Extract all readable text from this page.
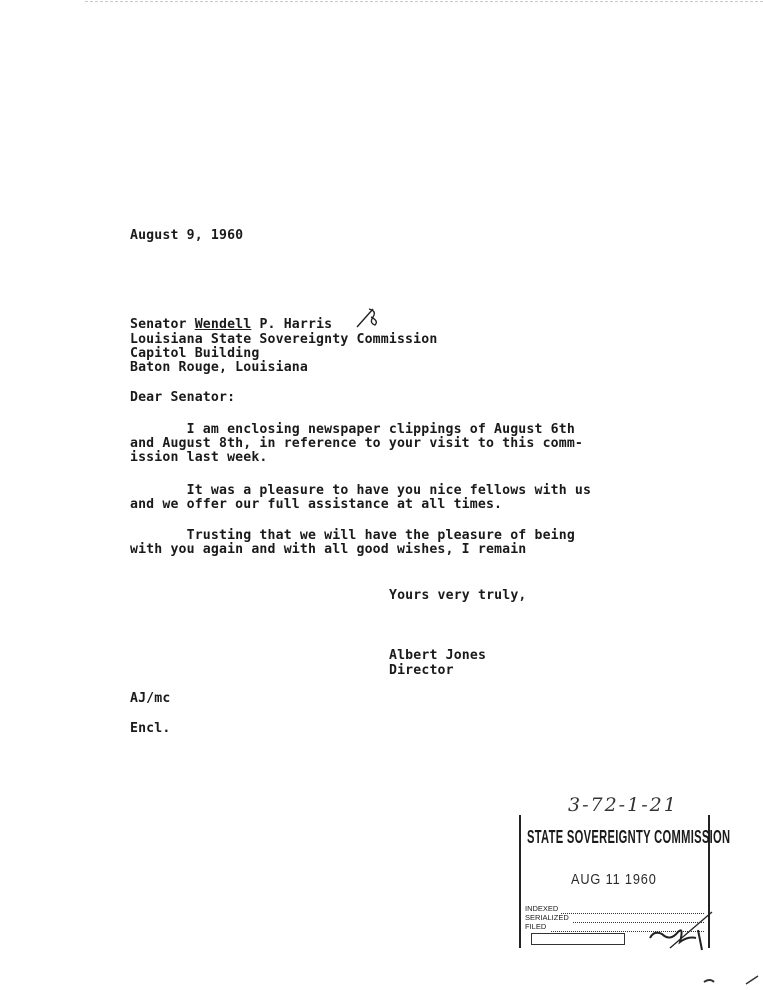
August 9, 1960
Senator Wendell P. Harris
Louisiana State Sovereignty Commission
Capitol Building
Baton Rouge, Louisiana
Dear Senator:
I am enclosing newspaper clippings of August 6th
and August 8th, in reference to your visit to this comm-
ission last week.
It was a pleasure to have you nice fellows with us
and we offer our full assistance at all times.
Trusting that we will have the pleasure of being
with you again and with all good wishes, I remain
Yours very truly,
Albert Jones
Director
AJ/mc
Encl.
3-72-1-21
STATE SOVEREIGNTY COMMISSION
AUG 11 1960
INDEXED
SERIALIZED
FILED
